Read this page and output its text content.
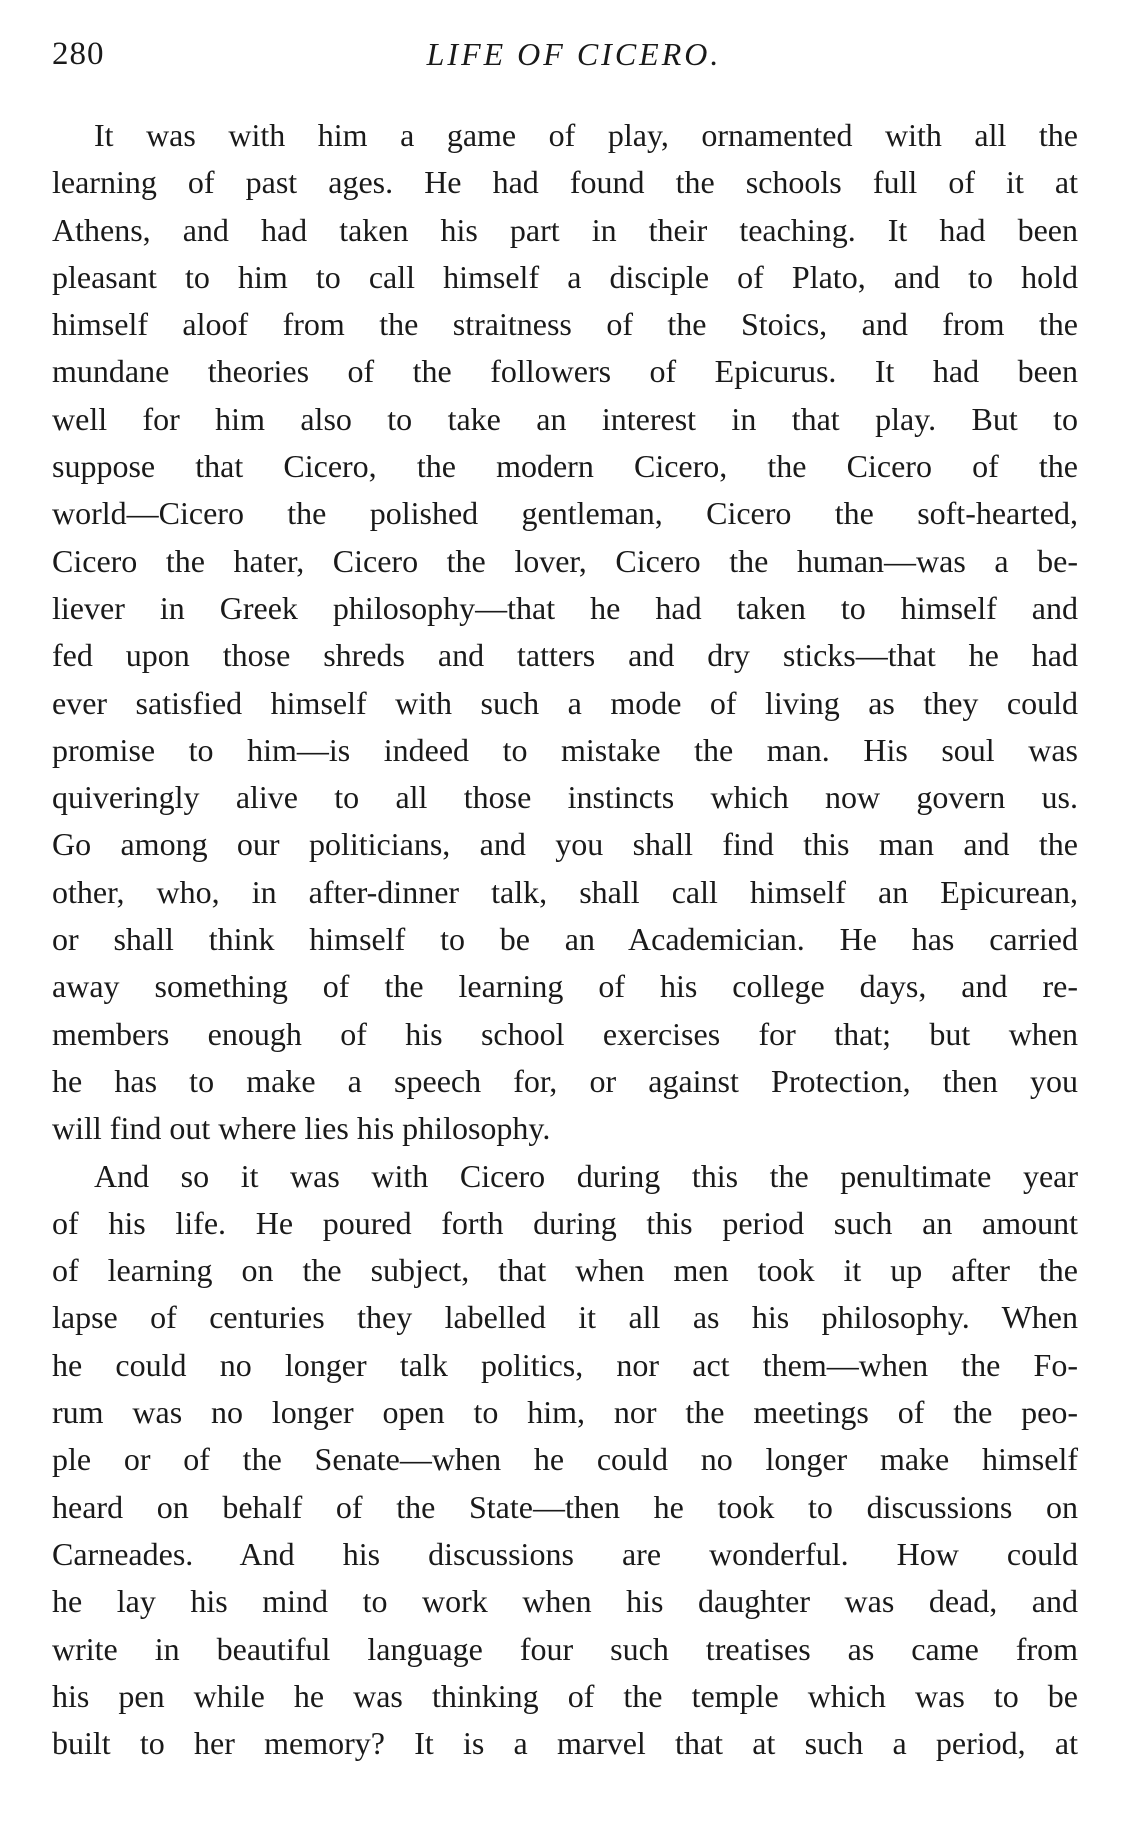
280	LIFE OF CICERO.
It was with him a game of play, ornamented with all the
learning of past ages. He had found the schools full of it at
Athens, and had taken his part in their teaching. It had been
pleasant to him to call himself a disciple of Plato, and to hold
himself aloof from the straitness of the Stoics, and from the
mundane theories of the followers of Epicurus. It had been
well for him also to take an interest in that play. But to
suppose that Cicero, the modern Cicero, the Cicero of the
world—Cicero the polished gentleman, Cicero the soft-hearted,
Cicero the hater, Cicero the lover, Cicero the human—was a be-
liever in Greek philosophy—that he had taken to himself and
fed upon those shreds and tatters and dry sticks—that he had
ever satisfied himself with such a mode of living as they could
promise to him—is indeed to mistake the man. His soul was
quiveringly alive to all those instincts which now govern us.
Go among our politicians, and you shall find this man and the
other, who, in after-dinner talk, shall call himself an Epicurean,
or shall think himself to be an Academician. He has carried
away something of the learning of his college days, and re-
members enough of his school exercises for that; but when
he has to make a speech for, or against Protection, then you
will find out where lies his philosophy.
And so it was with Cicero during this the penultimate year
of his life. He poured forth during this period such an amount
of learning on the subject, that when men took it up after the
lapse of centuries they labelled it all as his philosophy. When
he could no longer talk politics, nor act them—when the Fo-
rum was no longer open to him, nor the meetings of the peo-
ple or of the Senate—when he could no longer make himself
heard on behalf of the State—then he took to discussions on
Carneades. And his discussions are wonderful. How could
he lay his mind to work when his daughter was dead, and
write in beautiful language four such treatises as came from
his pen while he was thinking of the temple which was to be
built to her memory? It is a marvel that at such a period, at
